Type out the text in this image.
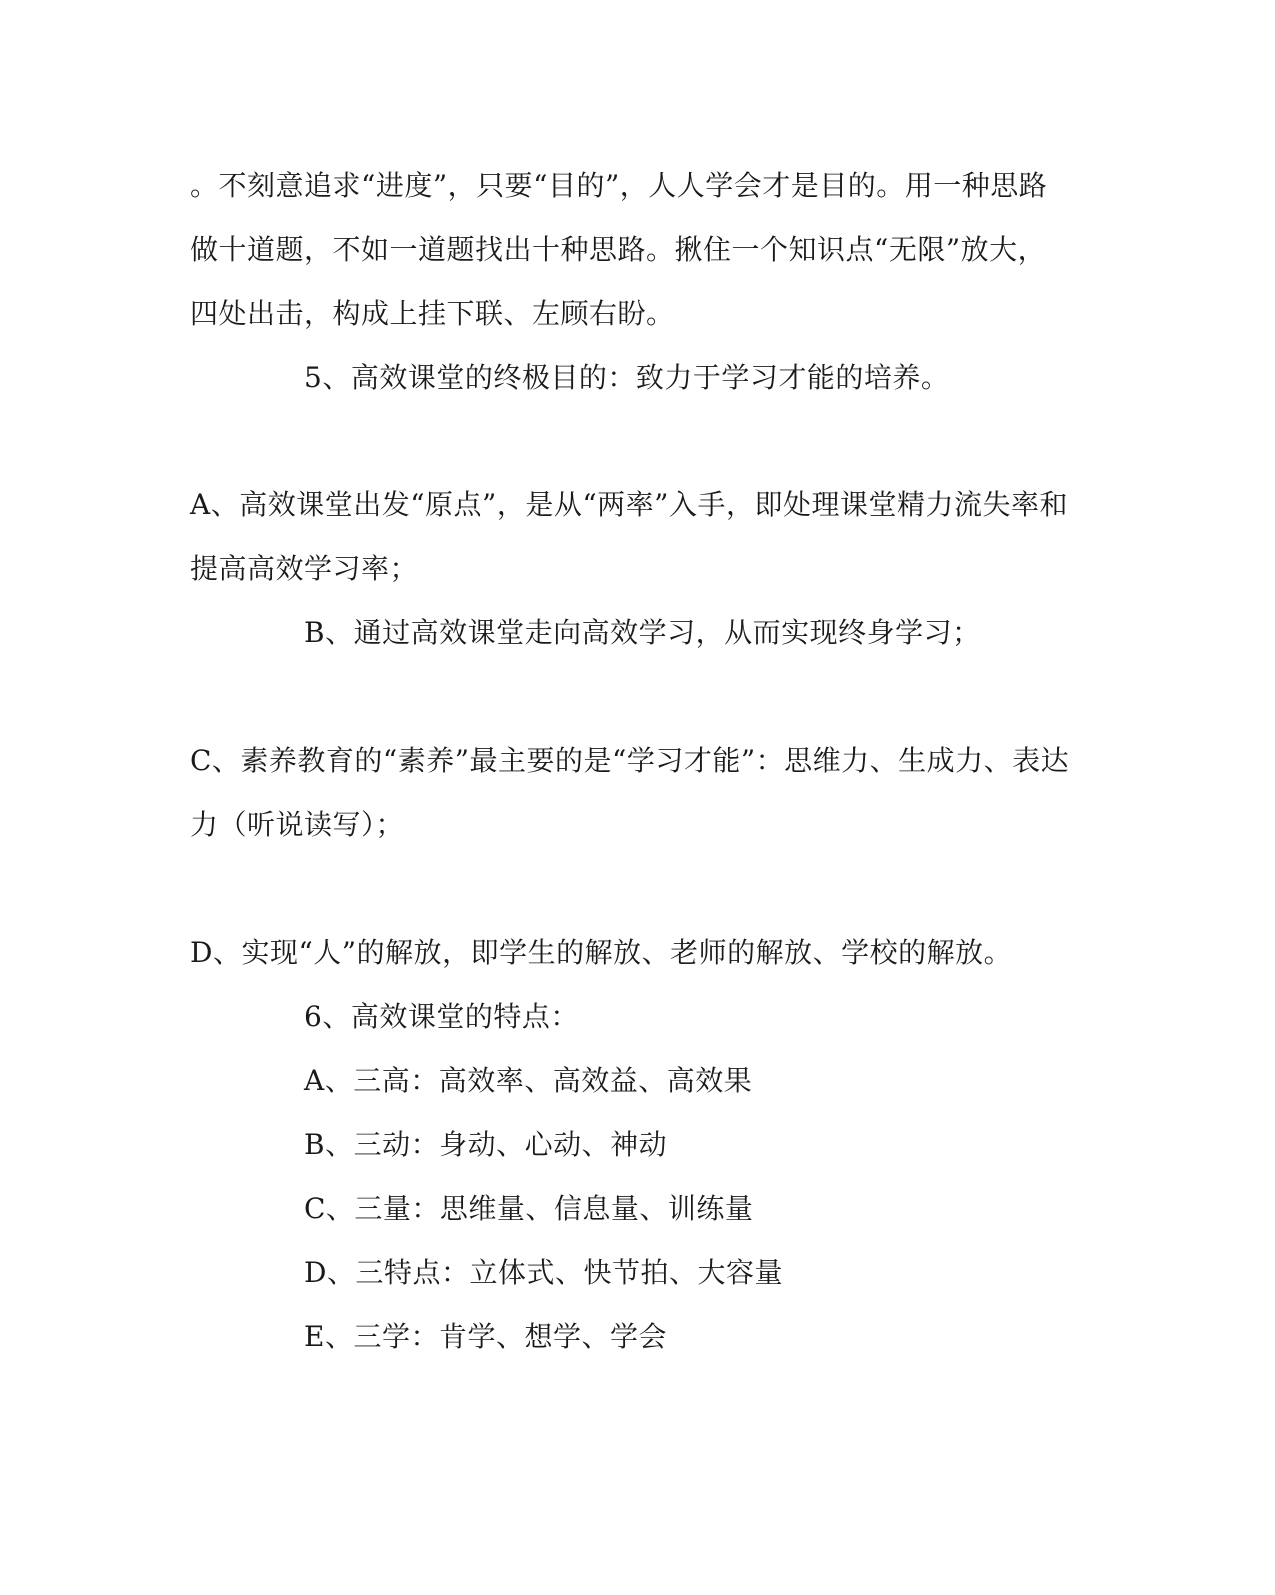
。不刻意追求“进度”，只要“目的”，人人学会才是目的。用一种思路
做十道题，不如一道题找出十种思路。揪住一个知识点“无限”放大，
四处出击，构成上挂下联、左顾右盼。
5、高效课堂的终极目的：致力于学习才能的培养。
A、高效课堂出发“原点”，是从“两率”入手，即处理课堂精力流失率和
提高高效学习率；
B、通过高效课堂走向高效学习，从而实现终身学习；
C、素养教育的“素养”最主要的是“学习才能”：思维力、生成力、表达
力（听说读写）；
D、实现“人”的解放，即学生的解放、老师的解放、学校的解放。
6、高效课堂的特点：
A、三高：高效率、高效益、高效果
B、三动：身动、心动、神动
C、三量：思维量、信息量、训练量
D、三特点：立体式、快节拍、大容量
E、三学：肯学、想学、学会
